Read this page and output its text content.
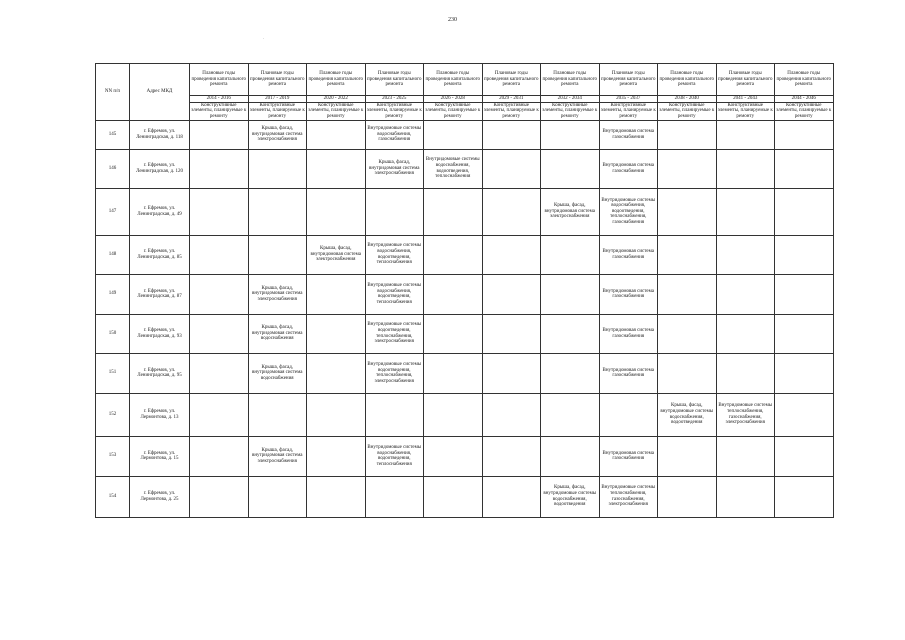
230
'
NN п/п	Адрес МКД	Плановые годы проведения капитального ремонта	Плановые годы проведения капитального ремонта	Плановые годы проведения капитального ремонта	Плановые годы проведения капитального ремонта	Плановые годы проведения капитального ремонта	Плановые годы проведения капитального ремонта	Плановые годы проведения капитального ремонта	Плановые годы проведения капитального ремонта	Плановые годы проведения капитального ремонта	Плановые годы проведения капитального ремонта	Плановые годы проведения капитального ремонта
		2014 - 2016	2017 - 2019	2020 - 2022	2023 - 2025	2026 - 2028	2029 - 2031	2032 - 2034	2035 - 2037	2038 - 2040	2041 - 2043	2044 - 2046
		Конструктивные элементы, планируемые к ремонту	Конструктивные элементы, планируемые к ремонту	Конструктивные элементы, планируемые к ремонту	Конструктивные элементы, планируемые к ремонту	Конструктивные элементы, планируемые к ремонту	Конструктивные элементы, планируемые к ремонту	Конструктивные элементы, планируемые к ремонту	Конструктивные элементы, планируемые к ремонту	Конструктивные элементы, планируемые к ремонту	Конструктивные элементы, планируемые к ремонту	Конструктивные элементы, планируемые к ремонту
145	г. Ефремов, ул. Ленинградская, д. 118		Крыша, фасад, внутридомовая система электроснабжения		Внутридомовые системы водоснабжения, газоснабжения				Внутридомовая система газоснабжения			
146	г. Ефремов, ул. Ленинградская, д. 120				Крыша, фасад, внутридомовая система электроснабжения	Внутридомовые системы водоснабжения, водоотведения, теплоснабжения			Внутридомовая система газоснабжения			
147	г. Ефремов, ул. Ленинградская, д. 49							Крыша, фасад, внутридомовая система электроснабжения	Внутридомовые системы водоснабжения, водоотведения, теплоснабжения, газоснабжения			
148	г. Ефремов, ул. Ленинградская, д. 85			Крыша, фасад, внутридомовая система электроснабжения	Внутридомовые системы водоснабжения, водоотведения, теплоснабжения				Внутридомовая система газоснабжения			
149	г. Ефремов, ул. Ленинградская, д. 87		Крыша, фасад, внутридомовая система электроснабжения		Внутридомовые системы водоснабжения, водоотведения, теплоснабжения				Внутридомовая система газоснабжения			
150	г. Ефремов, ул. Ленинградская, д. 93		Крыша, фасад, внутридомовая система водоснабжения		Внутридомовые системы водоотведения, теплоснабжения, электроснабжения				Внутридомовая система газоснабжения			
151	г. Ефремов, ул. Ленинградская, д. 95		Крыша, фасад, внутридомовая система водоснабжения		Внутридомовые системы водоотведения, теплоснабжения, электроснабжения				Внутридомовая система газоснабжения			
152	г. Ефремов, ул. Лермонтова, д. 13									Крыша, фасад, внутридомовые системы водоснабжения, водоотведения	Внутридомовые системы теплоснабжения, газоснабжения, электроснабжения	
153	г. Ефремов, ул. Лермонтова, д. 15		Крыша, фасад, внутридомовая система электроснабжения		Внутридомовые системы водоснабжения, водоотведения, теплоснабжения				Внутридомовая система газоснабжения			
154	г. Ефремов, ул. Лермонтова, д. 25							Крыша, фасад, внутридомовые системы водоснабжения, водоотведения	Внутридомовые системы теплоснабжения, газоснабжения, электроснабжения			
